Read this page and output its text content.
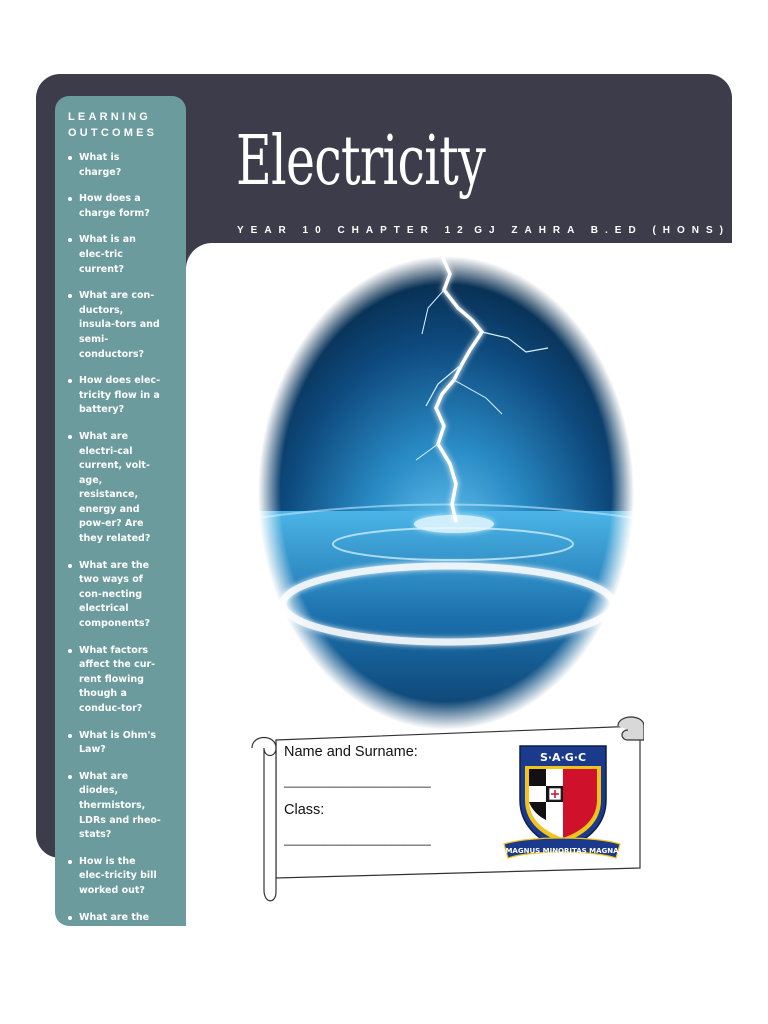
Electricity
YEAR 10 CHAPTER 12 GJ ZAHRA B.ED (HONS)
LEARNING OUTCOMES
What is charge?
How does a charge form?
What is an elec-tric current?
What are con-ductors, insula-tors and semi-conductors?
How does elec-tricity flow in a battery?
What are electri-cal current, volt-age, resistance, energy and pow-er? Are they related?
What are the two ways of con-necting electrical components?
What factors affect the cur-rent flowing though a conduc-tor?
What is Ohm's Law?
What are diodes, thermistors, LDRs and rheo-stats?
How is the elec-tricity bill worked out?
What are the features in a house circuit?
Name and Surname:
______________________
Class:
______________________
S·A·G·C
MAGNUS MINORITAS MAGNA
